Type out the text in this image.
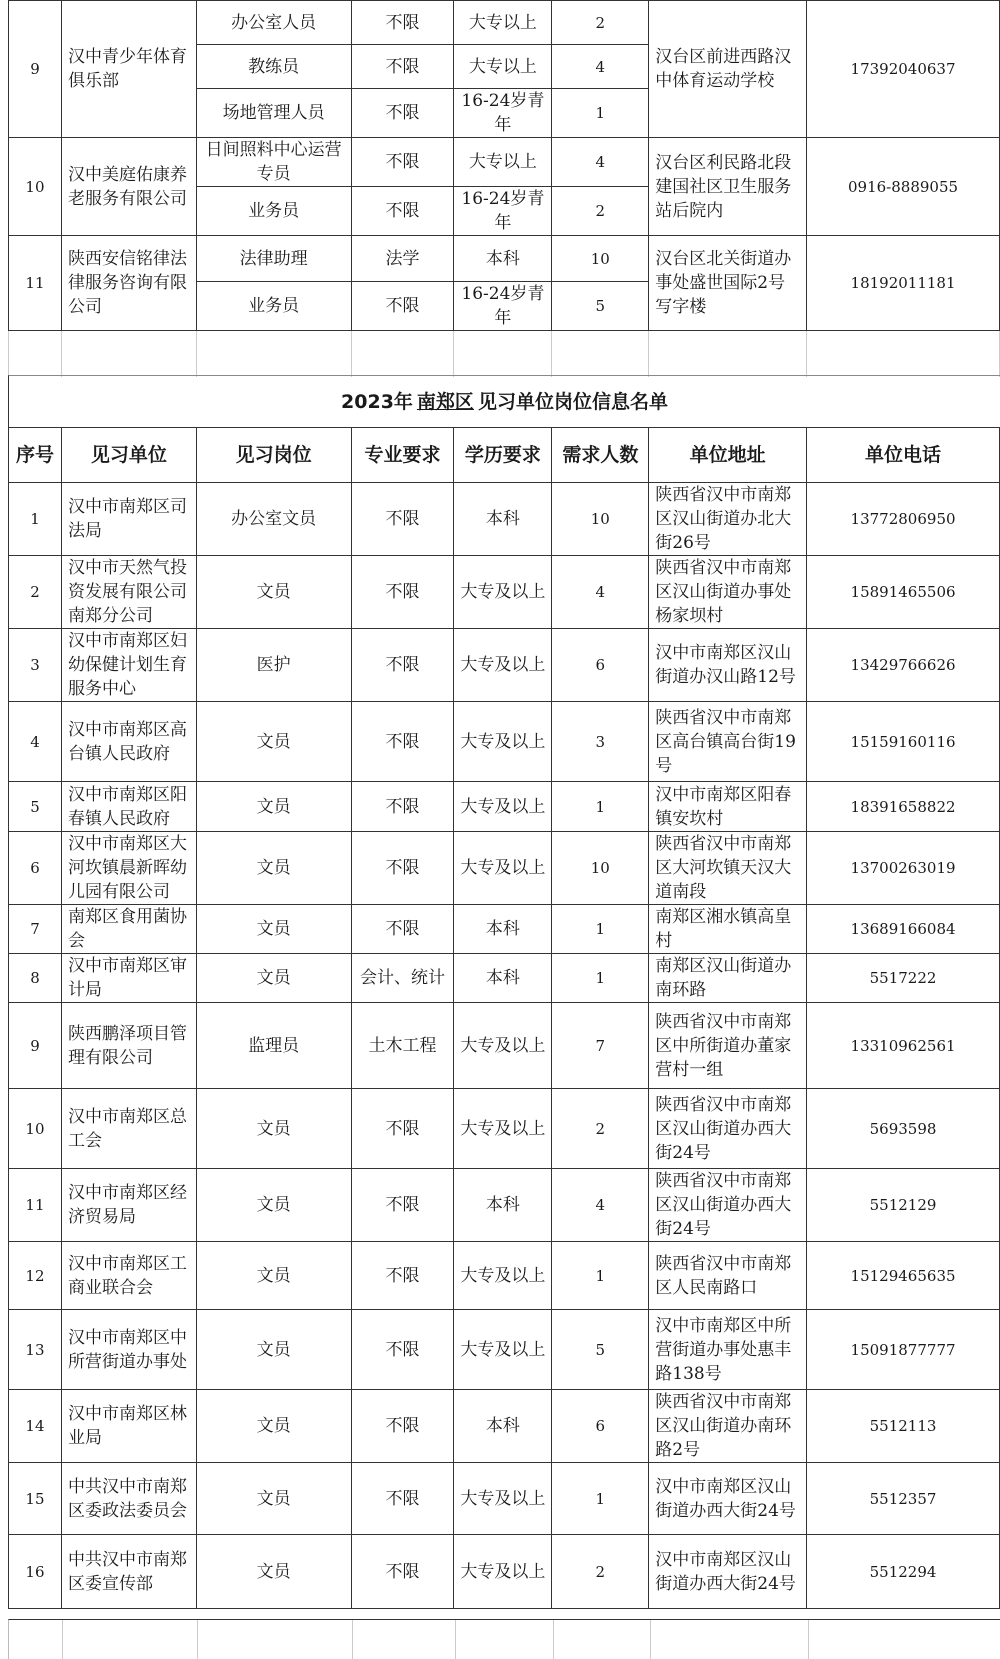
9	汉中青少年体育俱乐部	办公室人员	不限	大专以上	2	汉台区前进西路汉中体育运动学校	17392040637
		教练员	不限	大专以上	4		
		场地管理人员	不限	16-24岁青年	1		
10	汉中美庭佑康养老服务有限公司	日间照料中心运营专员	不限	大专以上	4	汉台区利民路北段建国社区卫生服务站后院内	0916-8889055
		业务员	不限	16-24岁青年	2		
11	陕西安信铭律法律服务咨询有限公司	法律助理	法学	本科	10	汉台区北关街道办事处盛世国际2号写字楼	18192011181
		业务员	不限	16-24岁青年	5		

2023年 南郑区 见习单位岗位信息名单
序号	见习单位	见习岗位	专业要求	学历要求	需求人数	单位地址	单位电话
1	汉中市南郑区司法局	办公室文员	不限	本科	10	陕西省汉中市南郑区汉山街道办北大街26号	13772806950
2	汉中市天然气投资发展有限公司南郑分公司	文员	不限	大专及以上	4	陕西省汉中市南郑区汉山街道办事处杨家坝村	15891465506
3	汉中市南郑区妇幼保健计划生育服务中心	医护	不限	大专及以上	6	汉中市南郑区汉山街道办汉山路12号	13429766626
4	汉中市南郑区高台镇人民政府	文员	不限	大专及以上	3	陕西省汉中市南郑区高台镇高台街19号	15159160116
5	汉中市南郑区阳春镇人民政府	文员	不限	大专及以上	1	汉中市南郑区阳春镇安坎村	18391658822
6	汉中市南郑区大河坎镇晨新晖幼儿园有限公司	文员	不限	大专及以上	10	陕西省汉中市南郑区大河坎镇天汉大道南段	13700263019
7	南郑区食用菌协会	文员	不限	本科	1	南郑区湘水镇高皇村	13689166084
8	汉中市南郑区审计局	文员	会计、统计	本科	1	南郑区汉山街道办南环路	5517222
9	陕西鹏泽项目管理有限公司	监理员	土木工程	大专及以上	7	陕西省汉中市南郑区中所街道办董家营村一组	13310962561
10	汉中市南郑区总工会	文员	不限	大专及以上	2	陕西省汉中市南郑区汉山街道办西大街24号	5693598
11	汉中市南郑区经济贸易局	文员	不限	本科	4	陕西省汉中市南郑区汉山街道办西大街24号	5512129
12	汉中市南郑区工商业联合会	文员	不限	大专及以上	1	陕西省汉中市南郑区人民南路口	15129465635
13	汉中市南郑区中所营街道办事处	文员	不限	大专及以上	5	汉中市南郑区中所营街道办事处惠丰路138号	15091877777
14	汉中市南郑区林业局	文员	不限	本科	6	陕西省汉中市南郑区汉山街道办南环路2号	5512113
15	中共汉中市南郑区委政法委员会	文员	不限	大专及以上	1	汉中市南郑区汉山街道办西大街24号	5512357
16	中共汉中市南郑区委宣传部	文员	不限	大专及以上	2	汉中市南郑区汉山街道办西大街24号	5512294
